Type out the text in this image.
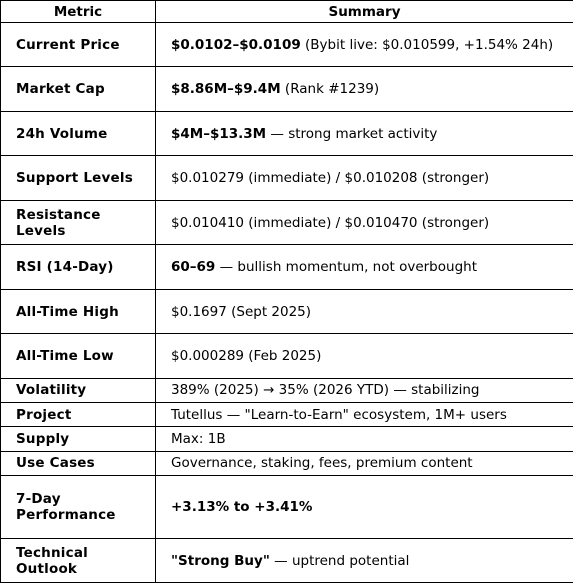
Metric	Summary
Current Price	$0.0102–$0.0109 (Bybit live: $0.010599, +1.54% 24h)
Market Cap	$8.86M–$9.4M (Rank #1239)
24h Volume	$4M–$13.3M — strong market activity
Support Levels	$0.010279 (immediate) / $0.010208 (stronger)
Resistance Levels	$0.010410 (immediate) / $0.010470 (stronger)
RSI (14-Day)	60–69 — bullish momentum, not overbought
All-Time High	$0.1697 (Sept 2025)
All-Time Low	$0.000289 (Feb 2025)
Volatility	389% (2025) → 35% (2026 YTD) — stabilizing
Project	Tutellus — "Learn-to-Earn" ecosystem, 1M+ users
Supply	Max: 1B
Use Cases	Governance, staking, fees, premium content
7-Day Performance	+3.13% to +3.41%
Technical Outlook	"Strong Buy" — uptrend potential
